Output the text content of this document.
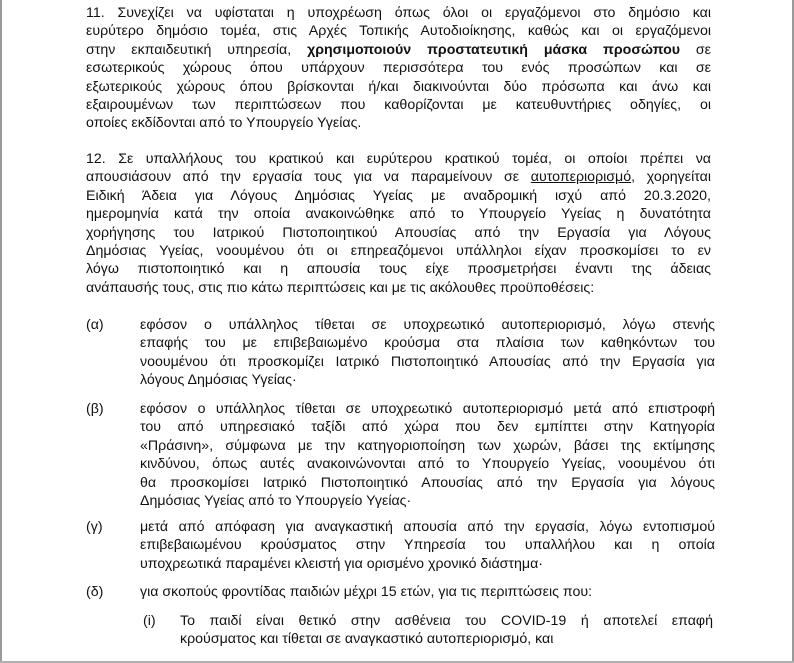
11. Συνεχίζει να υφίσταται η υποχρέωση όπως όλοι οι εργαζόμενοι στο δημόσιο και
ευρύτερο δημόσιο τομέα, στις Αρχές Τοπικής Αυτοδιοίκησης, καθώς και οι εργαζόμενοι
στην εκπαιδευτική υπηρεσία, χρησιμοποιούν προστατευτική μάσκα προσώπου σε
εσωτερικούς χώρους όπου υπάρχουν περισσότερα του ενός προσώπων και σε
εξωτερικούς χώρους όπου βρίσκονται ή/και διακινούνται δύο πρόσωπα και άνω και
εξαιρουμένων των περιπτώσεων που καθορίζονται με κατευθυντήριες οδηγίες, οι
οποίες εκδίδονται από το Υπουργείο Υγείας.
12. Σε υπαλλήλους του κρατικού και ευρύτερου κρατικού τομέα, οι οποίοι πρέπει να
απουσιάσουν από την εργασία τους για να παραμείνουν σε αυτοπεριορισμό, χορηγείται
Ειδική Άδεια για Λόγους Δημόσιας Υγείας με αναδρομική ισχύ από 20.3.2020,
ημερομηνία κατά την οποία ανακοινώθηκε από το Υπουργείο Υγείας η δυνατότητα
χορήγησης του Ιατρικού Πιστοποιητικού Απουσίας από την Εργασία για Λόγους
Δημόσιας Υγείας, νοουμένου ότι οι επηρεαζόμενοι υπάλληλοι είχαν προσκομίσει το εν
λόγω πιστοποιητικό και η απουσία τους είχε προσμετρήσει έναντι της άδειας
ανάπαυσής τους, στις πιο κάτω περιπτώσεις και με τις ακόλουθες προϋποθέσεις:
(α)	εφόσον ο υπάλληλος τίθεται σε υποχρεωτικό αυτοπεριορισμό, λόγω στενής
επαφής του με επιβεβαιωμένο κρούσμα στα πλαίσια των καθηκόντων του
νοουμένου ότι προσκομίζει Ιατρικό Πιστοποιητικό Απουσίας από την Εργασία για
λόγους Δημόσιας Υγείας·
(β)	εφόσον ο υπάλληλος τίθεται σε υποχρεωτικό αυτοπεριορισμό μετά από επιστροφή
του από υπηρεσιακό ταξίδι από χώρα που δεν εμπίπτει στην Κατηγορία
«Πράσινη», σύμφωνα με την κατηγοριοποίηση των χωρών, βάσει της εκτίμησης
κινδύνου, όπως αυτές ανακοινώνονται από το Υπουργείο Υγείας, νοουμένου ότι
θα προσκομίσει Ιατρικό Πιστοποιητικό Απουσίας από την Εργασία για λόγους
Δημόσιας Υγείας από το Υπουργείο Υγείας·
(γ)	μετά από απόφαση για αναγκαστική απουσία από την εργασία, λόγω εντοπισμού
επιβεβαιωμένου κρούσματος στην Υπηρεσία του υπαλλήλου και η οποία
υποχρεωτικά παραμένει κλειστή για ορισμένο χρονικό διάστημα·
(δ)	για σκοπούς φροντίδας παιδιών μέχρι 15 ετών, για τις περιπτώσεις που:
(i) Το παιδί είναι θετικό στην ασθένεια του COVID-19 ή αποτελεί επαφή
κρούσματος και τίθεται σε αναγκαστικό αυτοπεριορισμό, και
